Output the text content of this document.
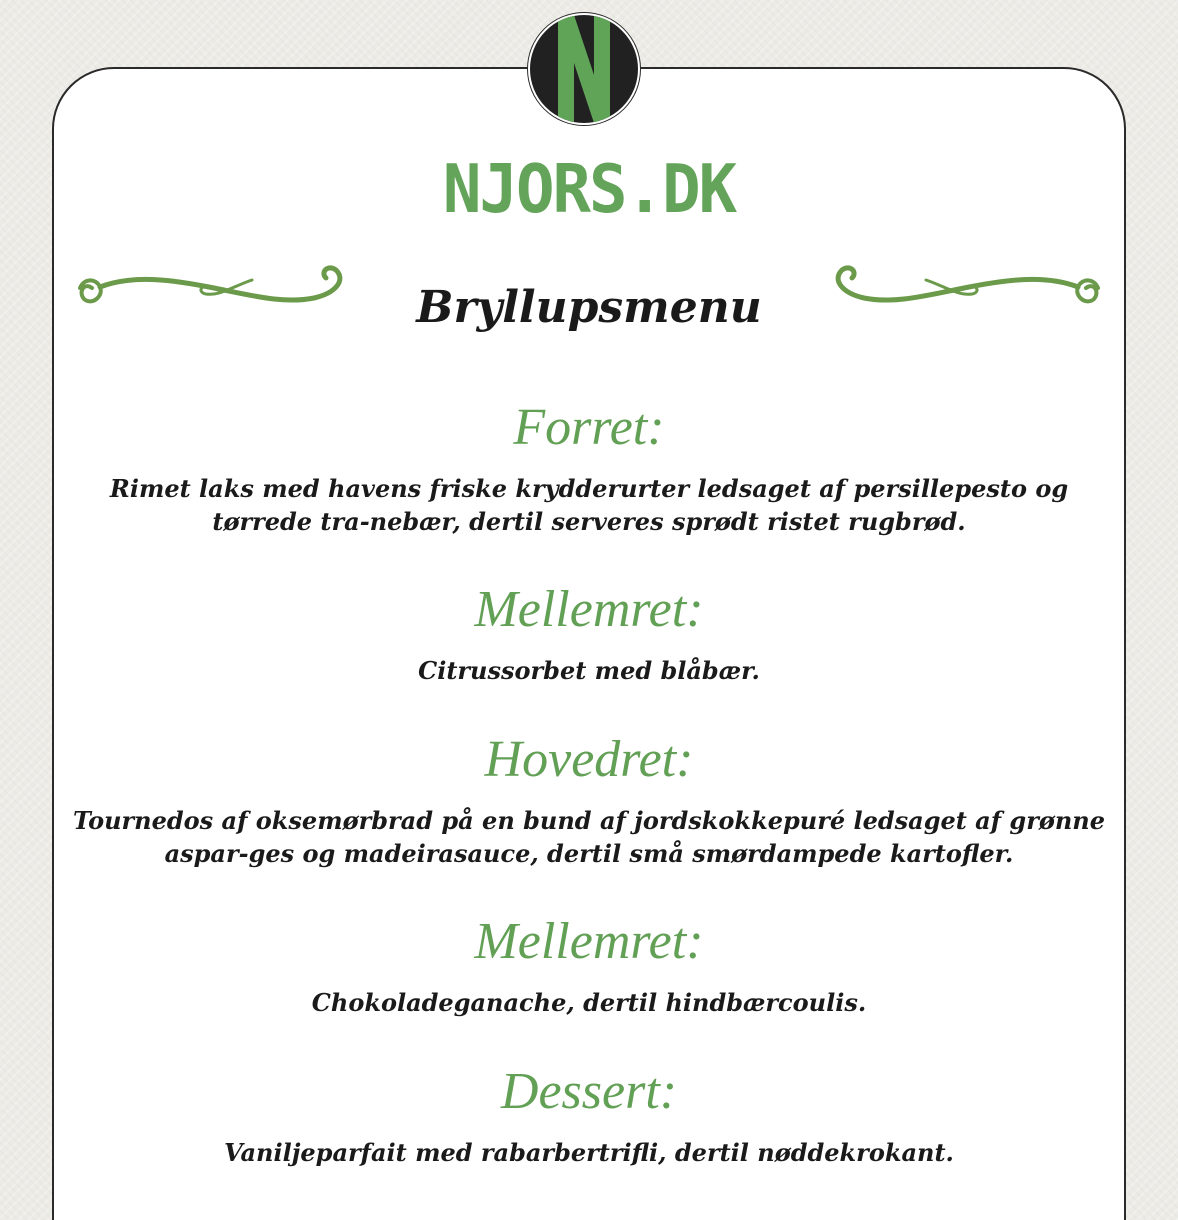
NJORS.DK
Bryllupsmenu
Forret:
Rimet laks med havens friske krydderurter ledsaget af persillepesto og tørrede tra-nebær, dertil serveres sprødt ristet rugbrød.
Mellemret:
Citrussorbet med blåbær.
Hovedret:
Tournedos af oksemørbrad på en bund af jordskokkepuré ledsaget af grønne aspar-ges og madeirasauce, dertil små smørdampede kartofler.
Mellemret:
Chokoladeganache, dertil hindbærcoulis.
Dessert:
Vaniljeparfait med rabarbertrifli, dertil nøddekrokant.
